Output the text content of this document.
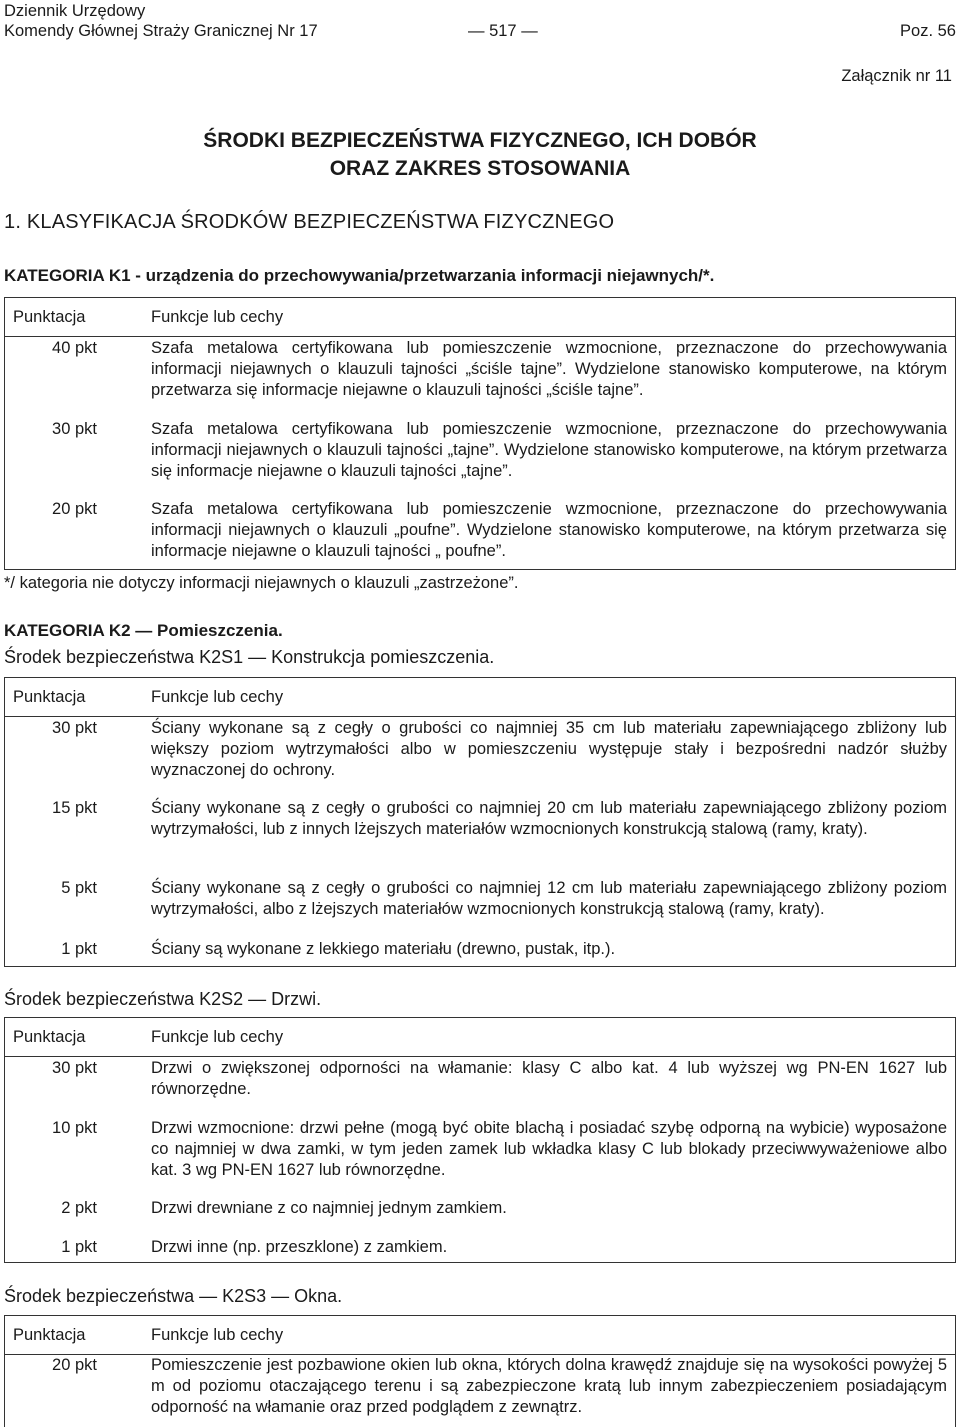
Dziennik Urzędowy
Komendy Głównej Straży Granicznej Nr 17	— 517 —	Poz. 56
Załącznik nr 11
ŚRODKI BEZPIECZEŃSTWA FIZYCZNEGO, ICH DOBÓR
ORAZ ZAKRES STOSOWANIA
1. KLASYFIKACJA ŚRODKÓW BEZPIECZEŃSTWA FIZYCZNEGO
KATEGORIA K1 - urządzenia do przechowywania/przetwarzania informacji niejawnych/*.
Punktacja	Funkcje lub cechy
40 pkt	Szafa metalowa certyfikowana lub pomieszczenie wzmocnione, przeznaczone do przechowywania informacji niejawnych o klauzuli tajności „ściśle tajne”. Wydzielone stanowisko komputerowe, na którym przetwarza się informacje niejawne o klauzuli tajności „ściśle tajne”.
30 pkt	Szafa metalowa certyfikowana lub pomieszczenie wzmocnione, przeznaczone do przechowywania informacji niejawnych o klauzuli tajności „tajne”. Wydzielone stanowisko komputerowe, na którym przetwarza się informacje niejawne o klauzuli tajności „tajne”.
20 pkt	Szafa metalowa certyfikowana lub pomieszczenie wzmocnione, przeznaczone do przechowywania informacji niejawnych o klauzuli „poufne”. Wydzielone stanowisko komputerowe, na którym przetwarza się informacje niejawne o klauzuli tajności „ poufne”.
*/ kategoria nie dotyczy informacji niejawnych o klauzuli „zastrzeżone”.
KATEGORIA K2 — Pomieszczenia.
Środek bezpieczeństwa K2S1 — Konstrukcja pomieszczenia.
Punktacja	Funkcje lub cechy
30 pkt	Ściany wykonane są z cegły o grubości co najmniej 35 cm lub materiału zapewniającego zbliżony lub większy poziom wytrzymałości albo w pomieszczeniu występuje stały i bezpośredni nadzór służby wyznaczonej do ochrony.
15 pkt	Ściany wykonane są z cegły o grubości co najmniej 20 cm lub materiału zapewniającego zbliżony poziom wytrzymałości, lub z innych lżejszych materiałów wzmocnionych konstrukcją stalową (ramy, kraty).
5 pkt	Ściany wykonane są z cegły o grubości co najmniej 12 cm lub materiału zapewniającego zbliżony poziom wytrzymałości, albo z lżejszych materiałów wzmocnionych konstrukcją stalową (ramy, kraty).
1 pkt	Ściany są wykonane z lekkiego materiału (drewno, pustak, itp.).
Środek bezpieczeństwa K2S2 — Drzwi.
Punktacja	Funkcje lub cechy
30 pkt	Drzwi o zwiększonej odporności na włamanie: klasy C albo kat. 4 lub wyższej wg PN-EN 1627 lub równorzędne.
10 pkt	Drzwi wzmocnione: drzwi pełne (mogą być obite blachą i posiadać szybę odporną na wybicie) wyposażone co najmniej w dwa zamki, w tym jeden zamek lub wkładka klasy C lub blokady przeciwwyważeniowe albo kat. 3 wg PN-EN 1627 lub równorzędne.
2 pkt	Drzwi drewniane z co najmniej jednym zamkiem.
1 pkt	Drzwi inne (np. przeszklone) z zamkiem.
Środek bezpieczeństwa — K2S3 — Okna.
Punktacja	Funkcje lub cechy
20 pkt	Pomieszczenie jest pozbawione okien lub okna, których dolna krawędź znajduje się na wysokości powyżej 5 m od poziomu otaczającego terenu i są zabezpieczone kratą lub innym zabezpieczeniem posiadającym odporność na włamanie oraz przed podglądem z zewnątrz.
